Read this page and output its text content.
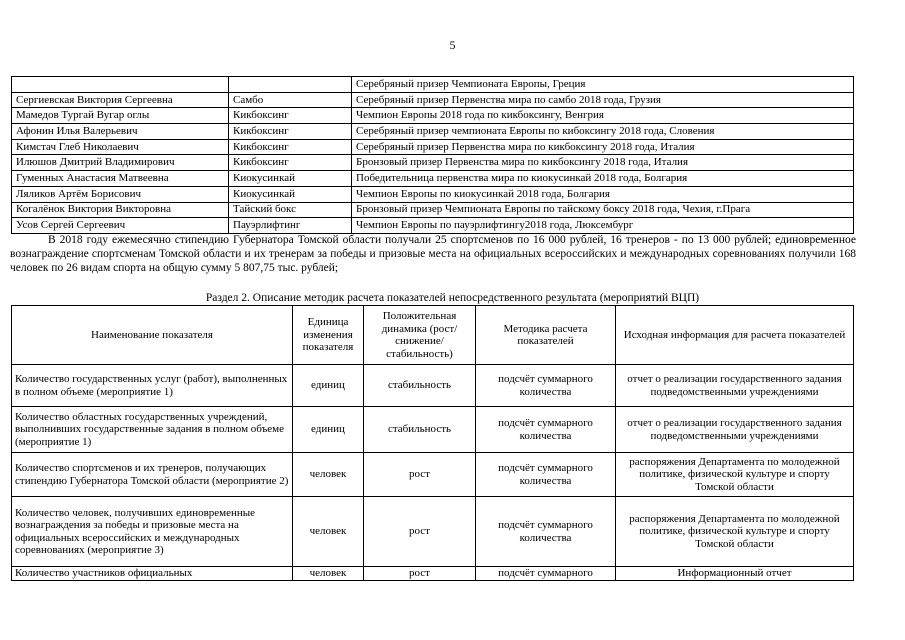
5
		Серебряный призер Чемпионата Европы, Греция
Сергиевская Виктория Сергеевна	Самбо	Серебряный призер Первенства мира по самбо 2018 года, Грузия
Мамедов Тургай Вугар оглы	Кикбоксинг	Чемпион Европы 2018 года по кикбоксингу, Венгрия
Афонин Илья Валерьевич	Кикбоксинг	Серебряный призер чемпионата Европы по кибоксингу 2018 года, Словения
Кимстач Глеб Николаевич	Кикбоксинг	Серебряный призер Первенства мира по кикбоксингу 2018 года, Италия
Илюшов Дмитрий Владимирович	Кикбоксинг	Бронзовый призер Первенства мира по кикбоксингу 2018 года, Италия
Гуменных Анастасия Матвеевна	Киокусинкай	Победительница первенства мира по киокусинкай 2018 года, Болгария
Ляликов Артём Борисович	Киокусинкай	Чемпион Европы по киокусинкай 2018 года, Болгария
Когалёнок Виктория Викторовна	Тайский бокс	Бронзовый призер Чемпионата Европы по тайскому боксу 2018 года, Чехия, г.Прага
Усов Сергей Сергеевич	Пауэрлифтинг	Чемпион Европы по пауэрлифтингу2018 года, Люксембург
В 2018 году ежемесячно стипендию Губернатора Томской области получали 25 спортсменов по 16 000 рублей, 16 тренеров - по 13 000 рублей; единовременное вознаграждение спортсменам Томской области и их тренерам за победы и призовые места на официальных всероссийских и международных соревнованиях получили 168 человек по 26 видам спорта на общую сумму 5 807,75 тыс. рублей;
Раздел 2. Описание методик расчета показателей непосредственного результата (мероприятий ВЦП)
Наименование показателя	Единица изменения показателя	Положительная динамика (рост/ снижение/ стабильность)	Методика расчета показателей	Исходная информация для расчета показателей
Количество государственных услуг (работ), выполненных в полном объеме (мероприятие 1)	единиц	стабильность	подсчёт суммарного количества	отчет о реализации государственного задания подведомственными учреждениями
Количество областных государственных учреждений, выполнивших государственные задания в полном объеме (мероприятие 1)	единиц	стабильность	подсчёт суммарного количества	отчет о реализации государственного задания подведомственными учреждениями
Количество спортсменов и их тренеров, получающих стипендию Губернатора Томской области (мероприятие 2)	человек	рост	подсчёт суммарного количества	распоряжения Департамента по молодежной политике, физической культуре и спорту Томской области
Количество человек, получивших единовременные вознаграждения за победы и призовые места на официальных всероссийских и международных соревнованиях (мероприятие 3)	человек	рост	подсчёт суммарного количества	распоряжения Департамента по молодежной политике, физической культуре и спорту Томской области
Количество участников официальных	человек	рост	подсчёт суммарного	Информационный отчет
